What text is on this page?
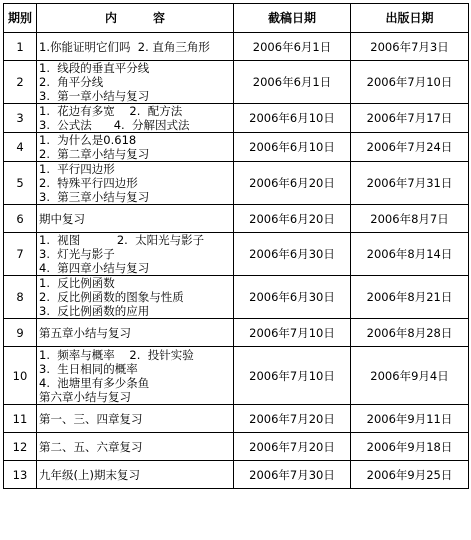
期别	内　　　容	截稿日期	出版日期
1	1.你能证明它们吗  2. 直角三角形	2006年6月1日	2006年7月3日
2	1.  线段的垂直平分线
2.  角平分线
3.  第一章小结与复习	2006年6月1日	2006年7月10日
3	1.  花边有多宽    2.  配方法
3.  公式法      4.  分解因式法	2006年6月10日	2006年7月17日
4	1.  为什么是0.618
2.  第二章小结与复习	2006年6月10日	2006年7月24日
5	1.  平行四边形
2.  特殊平行四边形
3.  第三章小结与复习	2006年6月20日	2006年7月31日
6	期中复习	2006年6月20日	2006年8月7日
7	1.  视图          2.  太阳光与影子
3.  灯光与影子
4.  第四章小结与复习	2006年6月30日	2006年8月14日
8	1.  反比例函数
2.  反比例函数的图象与性质
3.  反比例函数的应用	2006年6月30日	2006年8月21日
9	第五章小结与复习	2006年7月10日	2006年8月28日
10	1.  频率与概率    2.  投针实验
3.  生日相同的概率
4.  池塘里有多少条鱼
第六章小结与复习	2006年7月10日	2006年9月4日
11	第一、三、四章复习	2006年7月20日	2006年9月11日
12	第二、五、六章复习	2006年7月20日	2006年9月18日
13	九年级(上)期末复习	2006年7月30日	2006年9月25日
